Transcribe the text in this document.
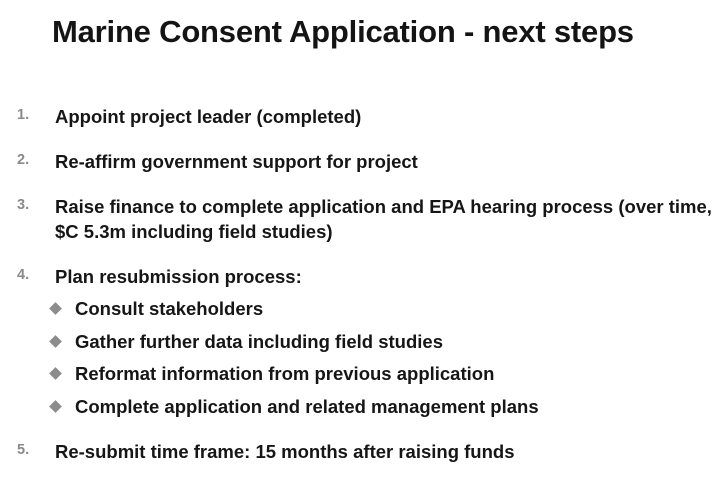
Marine Consent Application - next steps
1. Appoint project leader (completed)
2. Re-affirm government support for project
3. Raise finance to complete application and EPA hearing process (over time,
$C 5.3m including field studies)
4. Plan resubmission process:
Consult stakeholders
Gather further data including field studies
Reformat information from previous application
Complete application and related management plans
5. Re-submit time frame: 15 months after raising funds
